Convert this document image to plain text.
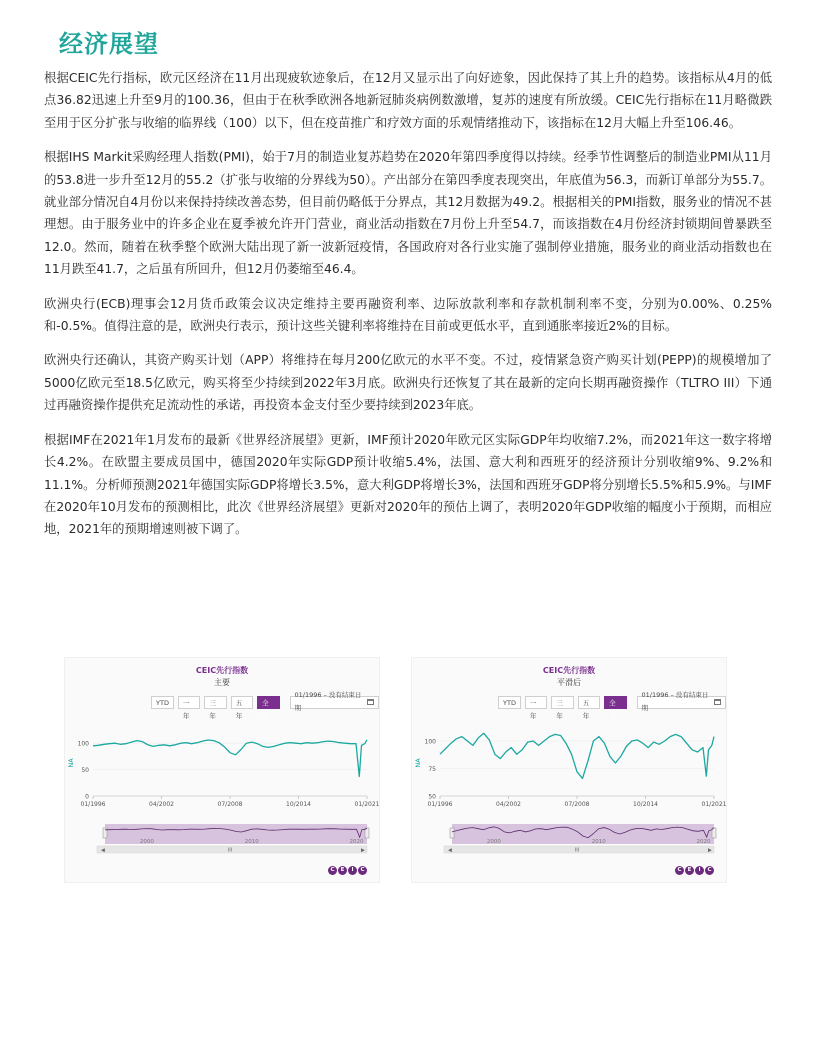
经济展望

根据CEIC先行指标，欧元区经济在11月出现疲软迹象后，在12月又显示出了向好迹象，因此保持了其上升的趋势。该指标从4月的低点36.82迅速上升至9月的100.36，但由于在秋季欧洲各地新冠肺炎病例数激增，复苏的速度有所放缓。CEIC先行指标在11月略微跌至用于区分扩张与收缩的临界线（100）以下，但在疫苗推广和疗效方面的乐观情绪推动下，该指标在12月大幅上升至106.46。

根据IHS Markit采购经理人指数(PMI)，始于7月的制造业复苏趋势在2020年第四季度得以持续。经季节性调整后的制造业PMI从11月的53.8进一步升至12月的55.2（扩张与收缩的分界线为50）。产出部分在第四季度表现突出，年底值为56.3，而新订单部分为55.7。就业部分情况自4月份以来保持持续改善态势，但目前仍略低于分界点，其12月数据为49.2。根据相关的PMI指数，服务业的情况不甚理想。由于服务业中的许多企业在夏季被允许开门营业，商业活动指数在7月份上升至54.7，而该指数在4月份经济封锁期间曾暴跌至12.0。然而，随着在秋季整个欧洲大陆出现了新一波新冠疫情，各国政府对各行业实施了强制停业措施，服务业的商业活动指数也在11月跌至41.7，之后虽有所回升，但12月仍萎缩至46.4。

欧洲央行(ECB)理事会12月货币政策会议决定维持主要再融资利率、边际放款利率和存款机制利率不变，分别为0.00%、0.25%和-0.5%。值得注意的是，欧洲央行表示，预计这些关键利率将维持在目前或更低水平，直到通胀率接近2%的目标。

欧洲央行还确认，其资产购买计划（APP）将维持在每月200亿欧元的水平不变。不过，疫情紧急资产购买计划(PEPP)的规模增加了5000亿欧元至18.5亿欧元，购买将至少持续到2022年3月底。欧洲央行还恢复了其在最新的定向长期再融资操作（TLTRO III）下通过再融资操作提供充足流动性的承诺，再投资本金支付至少要持续到2023年底。

根据IMF在2021年1月发布的最新《世界经济展望》更新，IMF预计2020年欧元区实际GDP年均收缩7.2%，而2021年这一数字将增长4.2%。在欧盟主要成员国中，德国2020年实际GDP预计收缩5.4%，法国、意大利和西班牙的经济预计分别收缩9%、9.2%和11.1%。分析师预测2021年德国实际GDP将增长3.5%，意大利GDP将增长3%，法国和西班牙GDP将分别增长5.5%和5.9%。与IMF在2020年10月发布的预测相比，此次《世界经济展望》更新对2020年的预估上调了，表明2020年GDP收缩的幅度小于预期，而相应地，2021年的预期增速则被下调了。

CEIC先行指数
主要
YTD	一年
三年
五年
全部
01/1996 – 没有结束日期
100
50
0
NA
01/1996	04/2002	07/2008	10/2014	01/2021
2000	2010	2020
◀	▶
III
C	E	I	C
CEIC先行指数
平滑后
YTD	一年
三年
五年
全部
01/1996 – 没有结束日期
100
75
50
NA
01/1996	04/2002	07/2008	10/2014	01/2021
2000	2010	2020
◀	▶
III
C	E	I	C
